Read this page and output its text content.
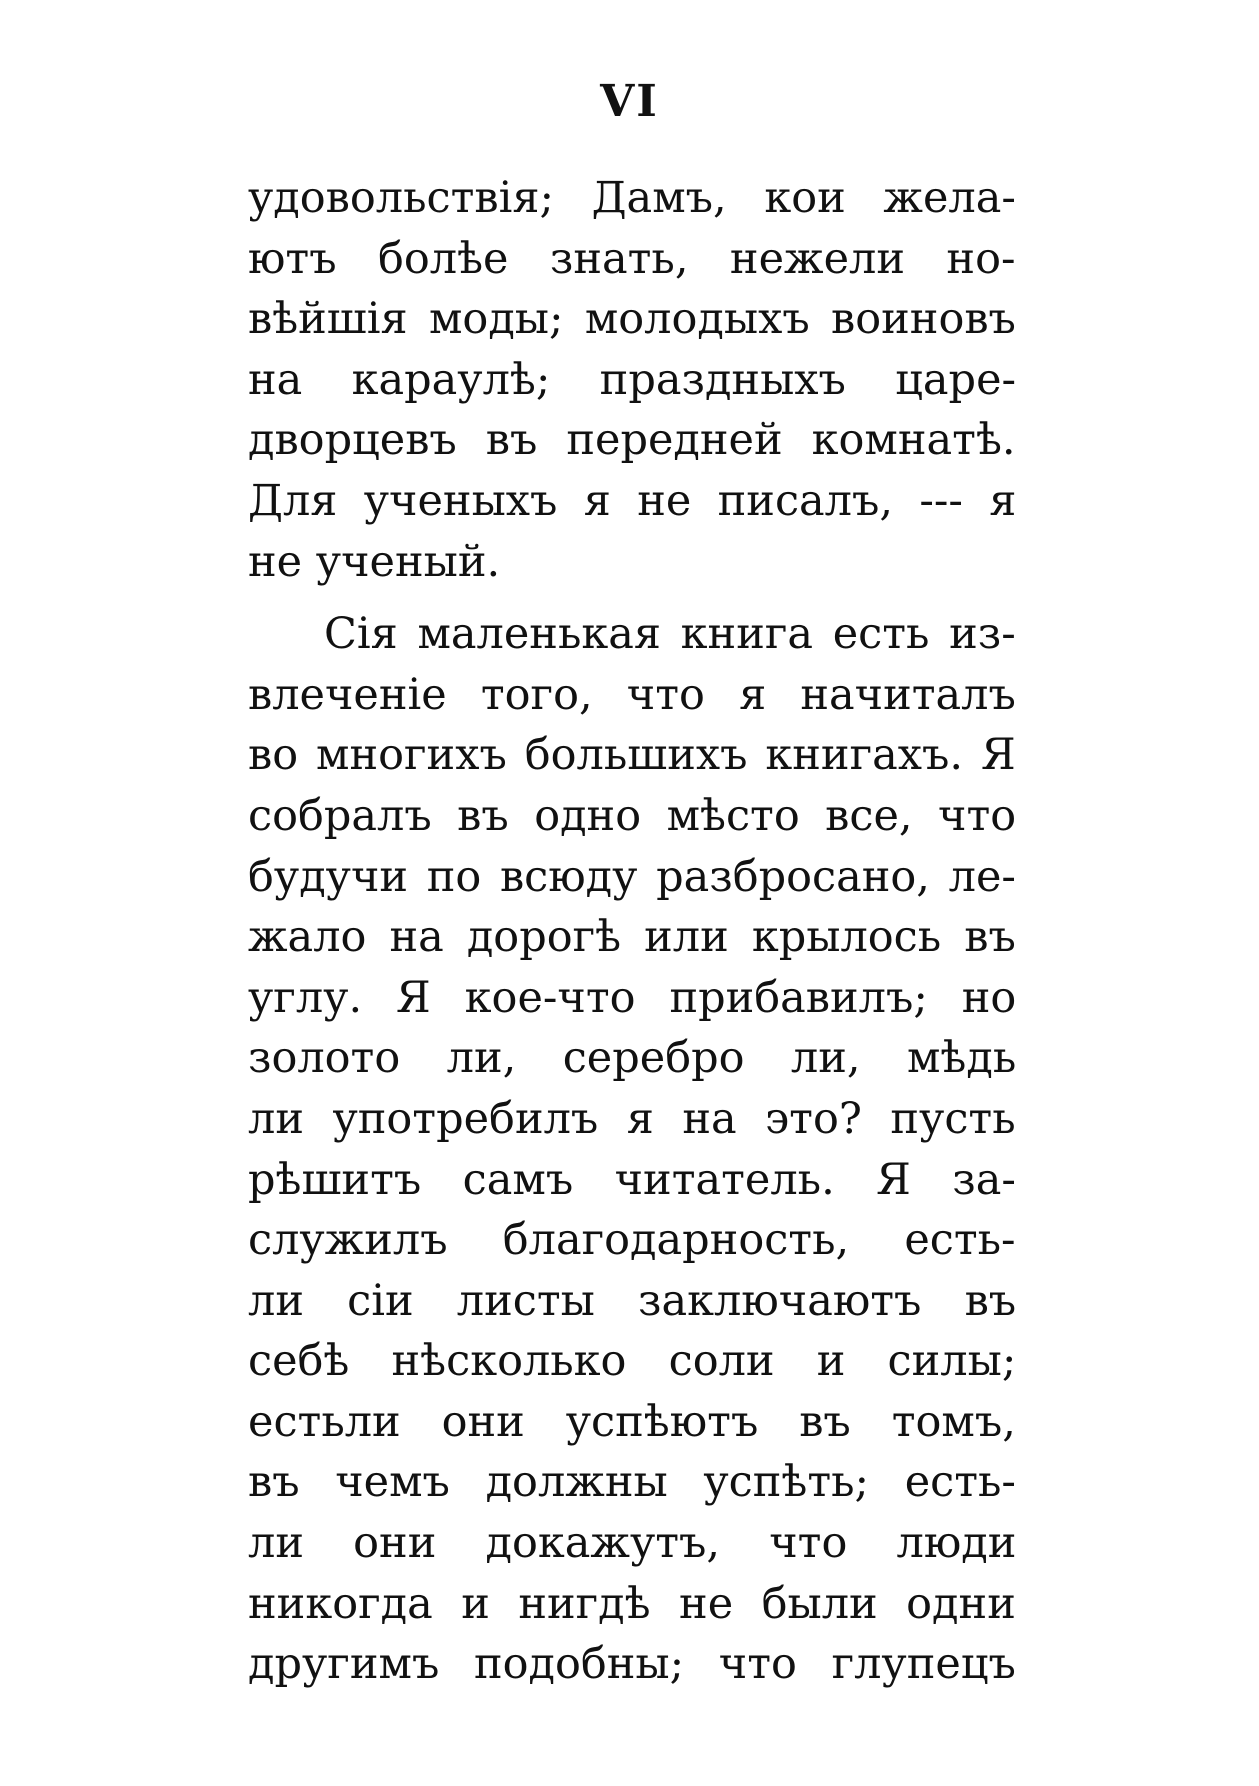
VI
удовольствія; Дамъ, кои жела-
ютъ болѣе знать, нежели но-
вѣйшія моды; молодыхъ воиновъ
на караулѣ; праздныхъ царе-
дворцевъ въ передней комнатѣ.
Для ученыхъ я не писалъ, --- я
не ученый.
Сія маленькая книга есть из-
влеченіе того, что я начиталъ
во многихъ большихъ книгахъ. Я
собралъ въ одно мѣсто все, что
будучи по всюду разбросано, ле-
жало на дорогѣ или крылось въ
углу. Я кое-что прибавилъ; но
золото ли, серебро ли, мѣдь
ли употребилъ я на это? пусть
рѣшитъ самъ читатель. Я за-
служилъ благодарность, есть-
ли сіи листы заключаютъ въ
себѣ нѣсколько соли и силы;
естьли они успѣютъ въ томъ,
въ чемъ должны успѣть; есть-
ли они докажутъ, что люди
никогда и нигдѣ не были одни
другимъ подобны; что глупецъ
